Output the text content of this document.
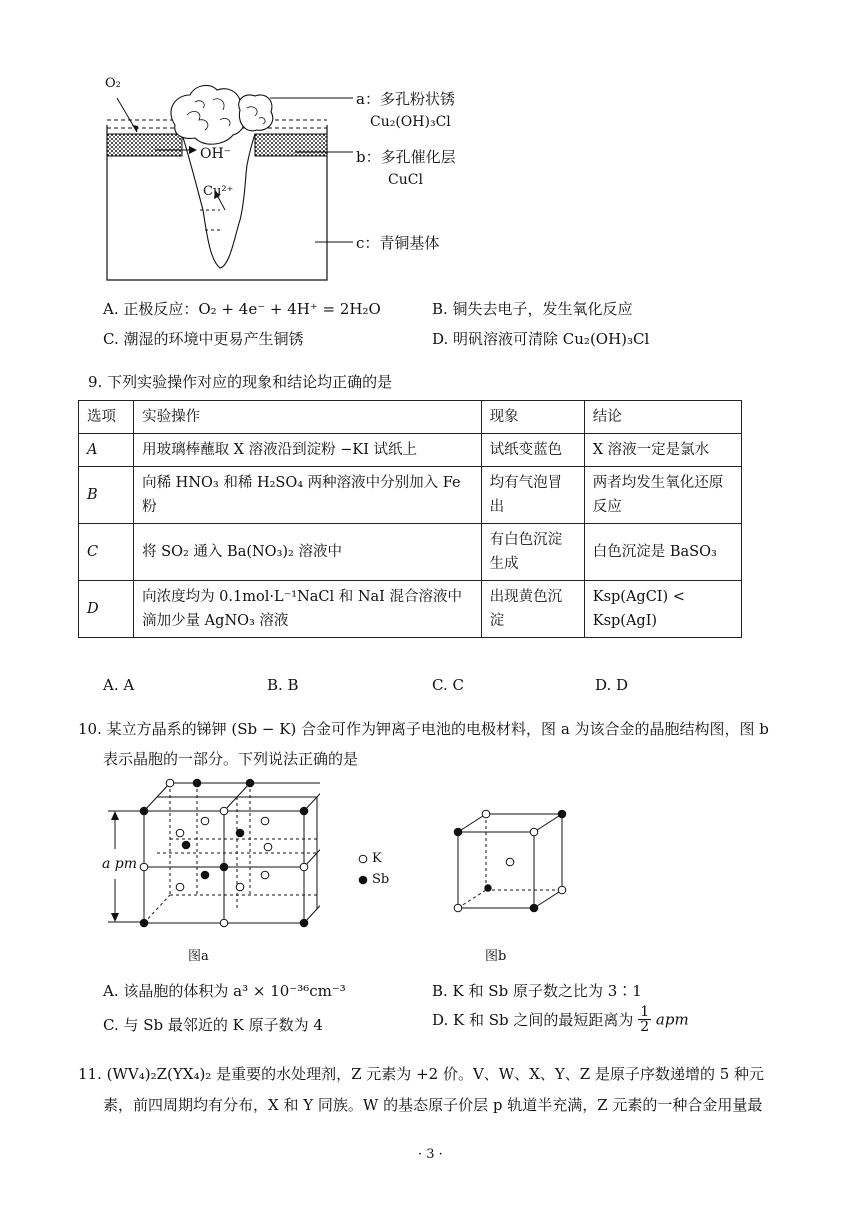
O₂
OH⁻
Cu²⁺
a：多孔粉状锈
Cu₂(OH)₃Cl
b：多孔催化层
CuCl
c：青铜基体
A. 正极反应：O₂ + 4e⁻ + 4H⁺ = 2H₂O	B. 铜失去电子，发生氧化反应
C. 潮湿的环境中更易产生铜锈	D. 明矾溶液可清除 Cu₂(OH)₃Cl
9. 下列实验操作对应的现象和结论均正确的是
选项	实验操作	现象	结论
A	用玻璃棒蘸取 X 溶液沿到淀粉 −KI 试纸上	试纸变蓝色	X 溶液一定是氯水
B	向稀 HNO₃ 和稀 H₂SO₄ 两种溶液中分别加入 Fe 粉	均有气泡冒出	两者均发生氧化还原反应
C	将 SO₂ 通入 Ba(NO₃)₂ 溶液中	有白色沉淀生成	白色沉淀是 BaSO₃
D	向浓度均为 0.1mol·L⁻¹NaCl 和 NaI 混合溶液中滴加少量 AgNO₃ 溶液	出现黄色沉淀	Ksp(AgCI) < Ksp(AgI)
A. A	B. B	C. C	D. D
10. 某立方晶系的锑钾 (Sb − K) 合金可作为钾离子电池的电极材料，图 a 为该合金的晶胞结构图，图 b
表示晶胞的一部分。下列说法正确的是
a pm	K
Sb
图a	图b
A. 该晶胞的体积为 a³ × 10⁻³⁶cm⁻³	B. K 和 Sb 原子数之比为 3∶1
C. 与 Sb 最邻近的 K 原子数为 4	D. K 和 Sb 之间的最短距离为 $\frac{1}{2}$ apm
11. (WV₄)₂Z(YX₄)₂ 是重要的水处理剂，Z 元素为 +2 价。V、W、X、Y、Z 是原子序数递增的 5 种元
素，前四周期均有分布，X 和 Y 同族。W 的基态原子价层 p 轨道半充满，Z 元素的一种合金用量最
· 3 ·
